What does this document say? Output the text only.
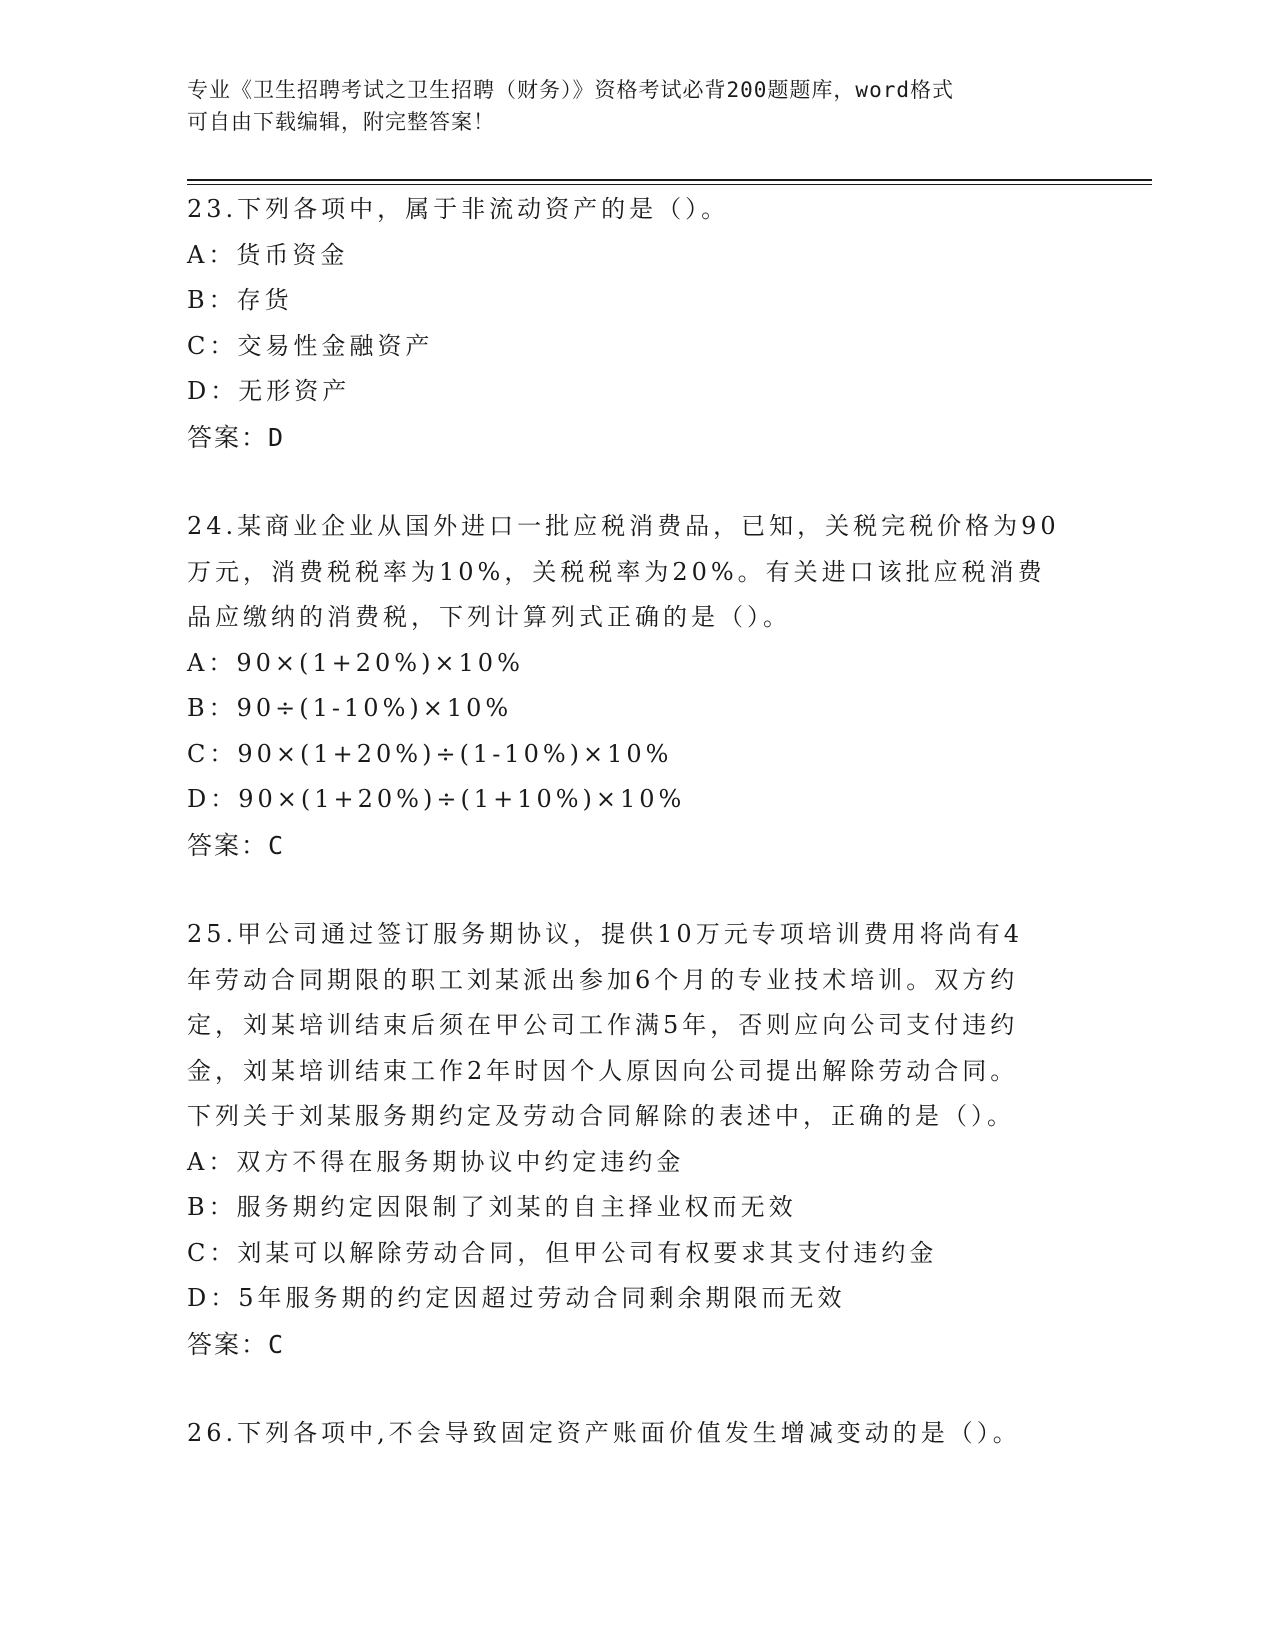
专业《卫生招聘考试之卫生招聘（财务）》资格考试必背200题题库，word格式
可自由下载编辑，附完整答案！

23.下列各项中，属于非流动资产的是（）。

A：货币资金

B：存货

C：交易性金融资产

D：无形资产

答案：D

24.某商业企业从国外进口一批应税消费品，已知，关税完税价格为90

万元，消费税税率为10%，关税税率为20%。有关进口该批应税消费

品应缴纳的消费税，下列计算列式正确的是（）。

A：90×(1+20%)×10%

B：90÷(1-10%)×10%

C：90×(1+20%)÷(1-10%)×10%

D：90×(1+20%)÷(1+10%)×10%

答案：C

25.甲公司通过签订服务期协议，提供10万元专项培训费用将尚有4

年劳动合同期限的职工刘某派出参加6个月的专业技术培训。双方约

定，刘某培训结束后须在甲公司工作满5年，否则应向公司支付违约

金，刘某培训结束工作2年时因个人原因向公司提出解除劳动合同。

下列关于刘某服务期约定及劳动合同解除的表述中，正确的是（）。

A：双方不得在服务期协议中约定违约金

B：服务期约定因限制了刘某的自主择业权而无效

C：刘某可以解除劳动合同，但甲公司有权要求其支付违约金

D：5年服务期的约定因超过劳动合同剩余期限而无效

答案：C

26.下列各项中,不会导致固定资产账面价值发生增减变动的是（）。
